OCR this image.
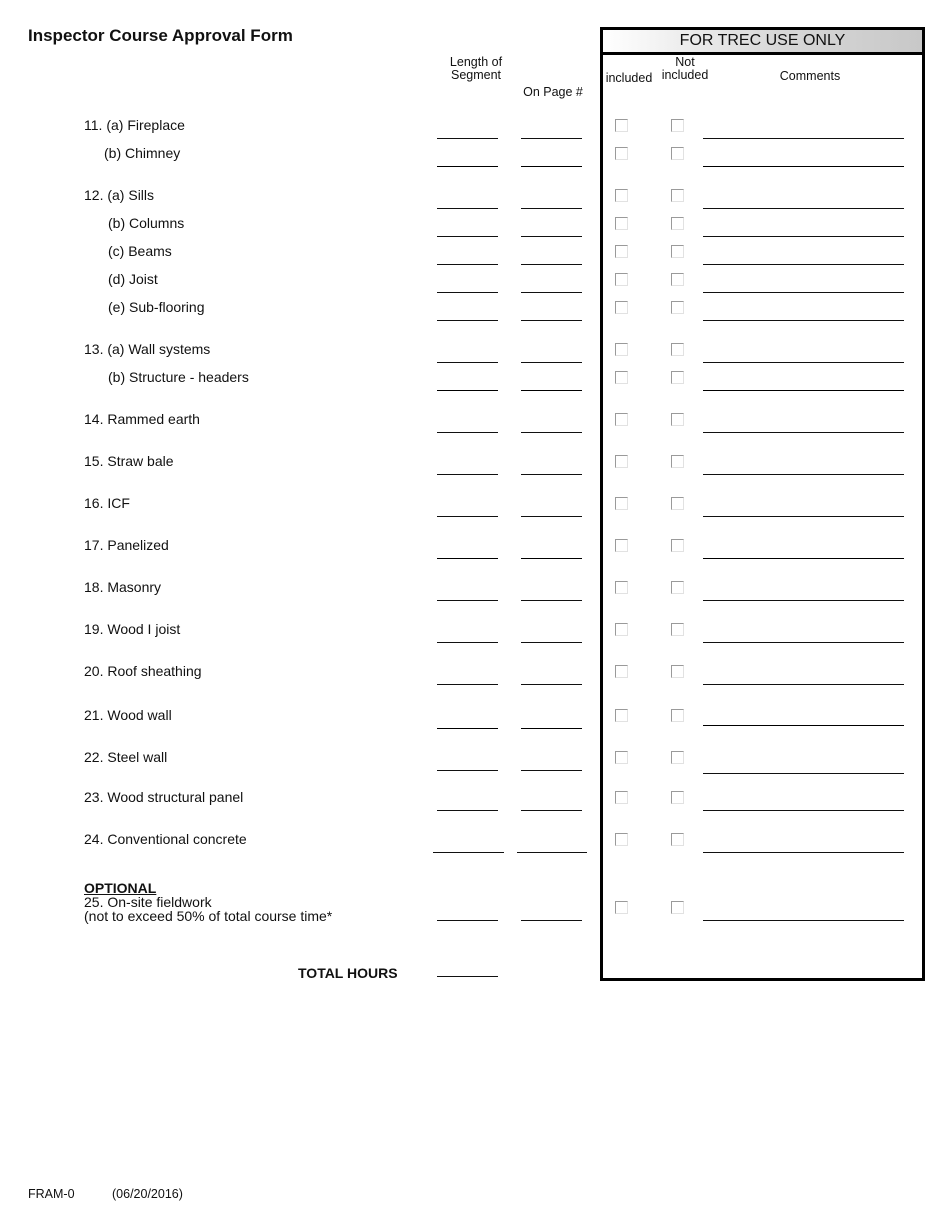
Inspector Course Approval Form
Length of
Segment
On Page #
FOR TREC USE ONLY
included
Not
included	Comments
11. (a) Fireplace
(b) Chimney
12. (a) Sills
(b) Columns
(c) Beams
(d) Joist
(e) Sub-flooring
13. (a) Wall systems
(b) Structure - headers
14. Rammed earth
15. Straw bale
16. ICF
17. Panelized
18. Masonry
19. Wood I joist
20. Roof sheathing
21. Wood wall
22. Steel wall
23. Wood structural panel
24. Conventional concrete
OPTIONAL
25. On-site fieldwork
(not to exceed 50% of total course time*
TOTAL HOURS
FRAM-0	(06/20/2016)
